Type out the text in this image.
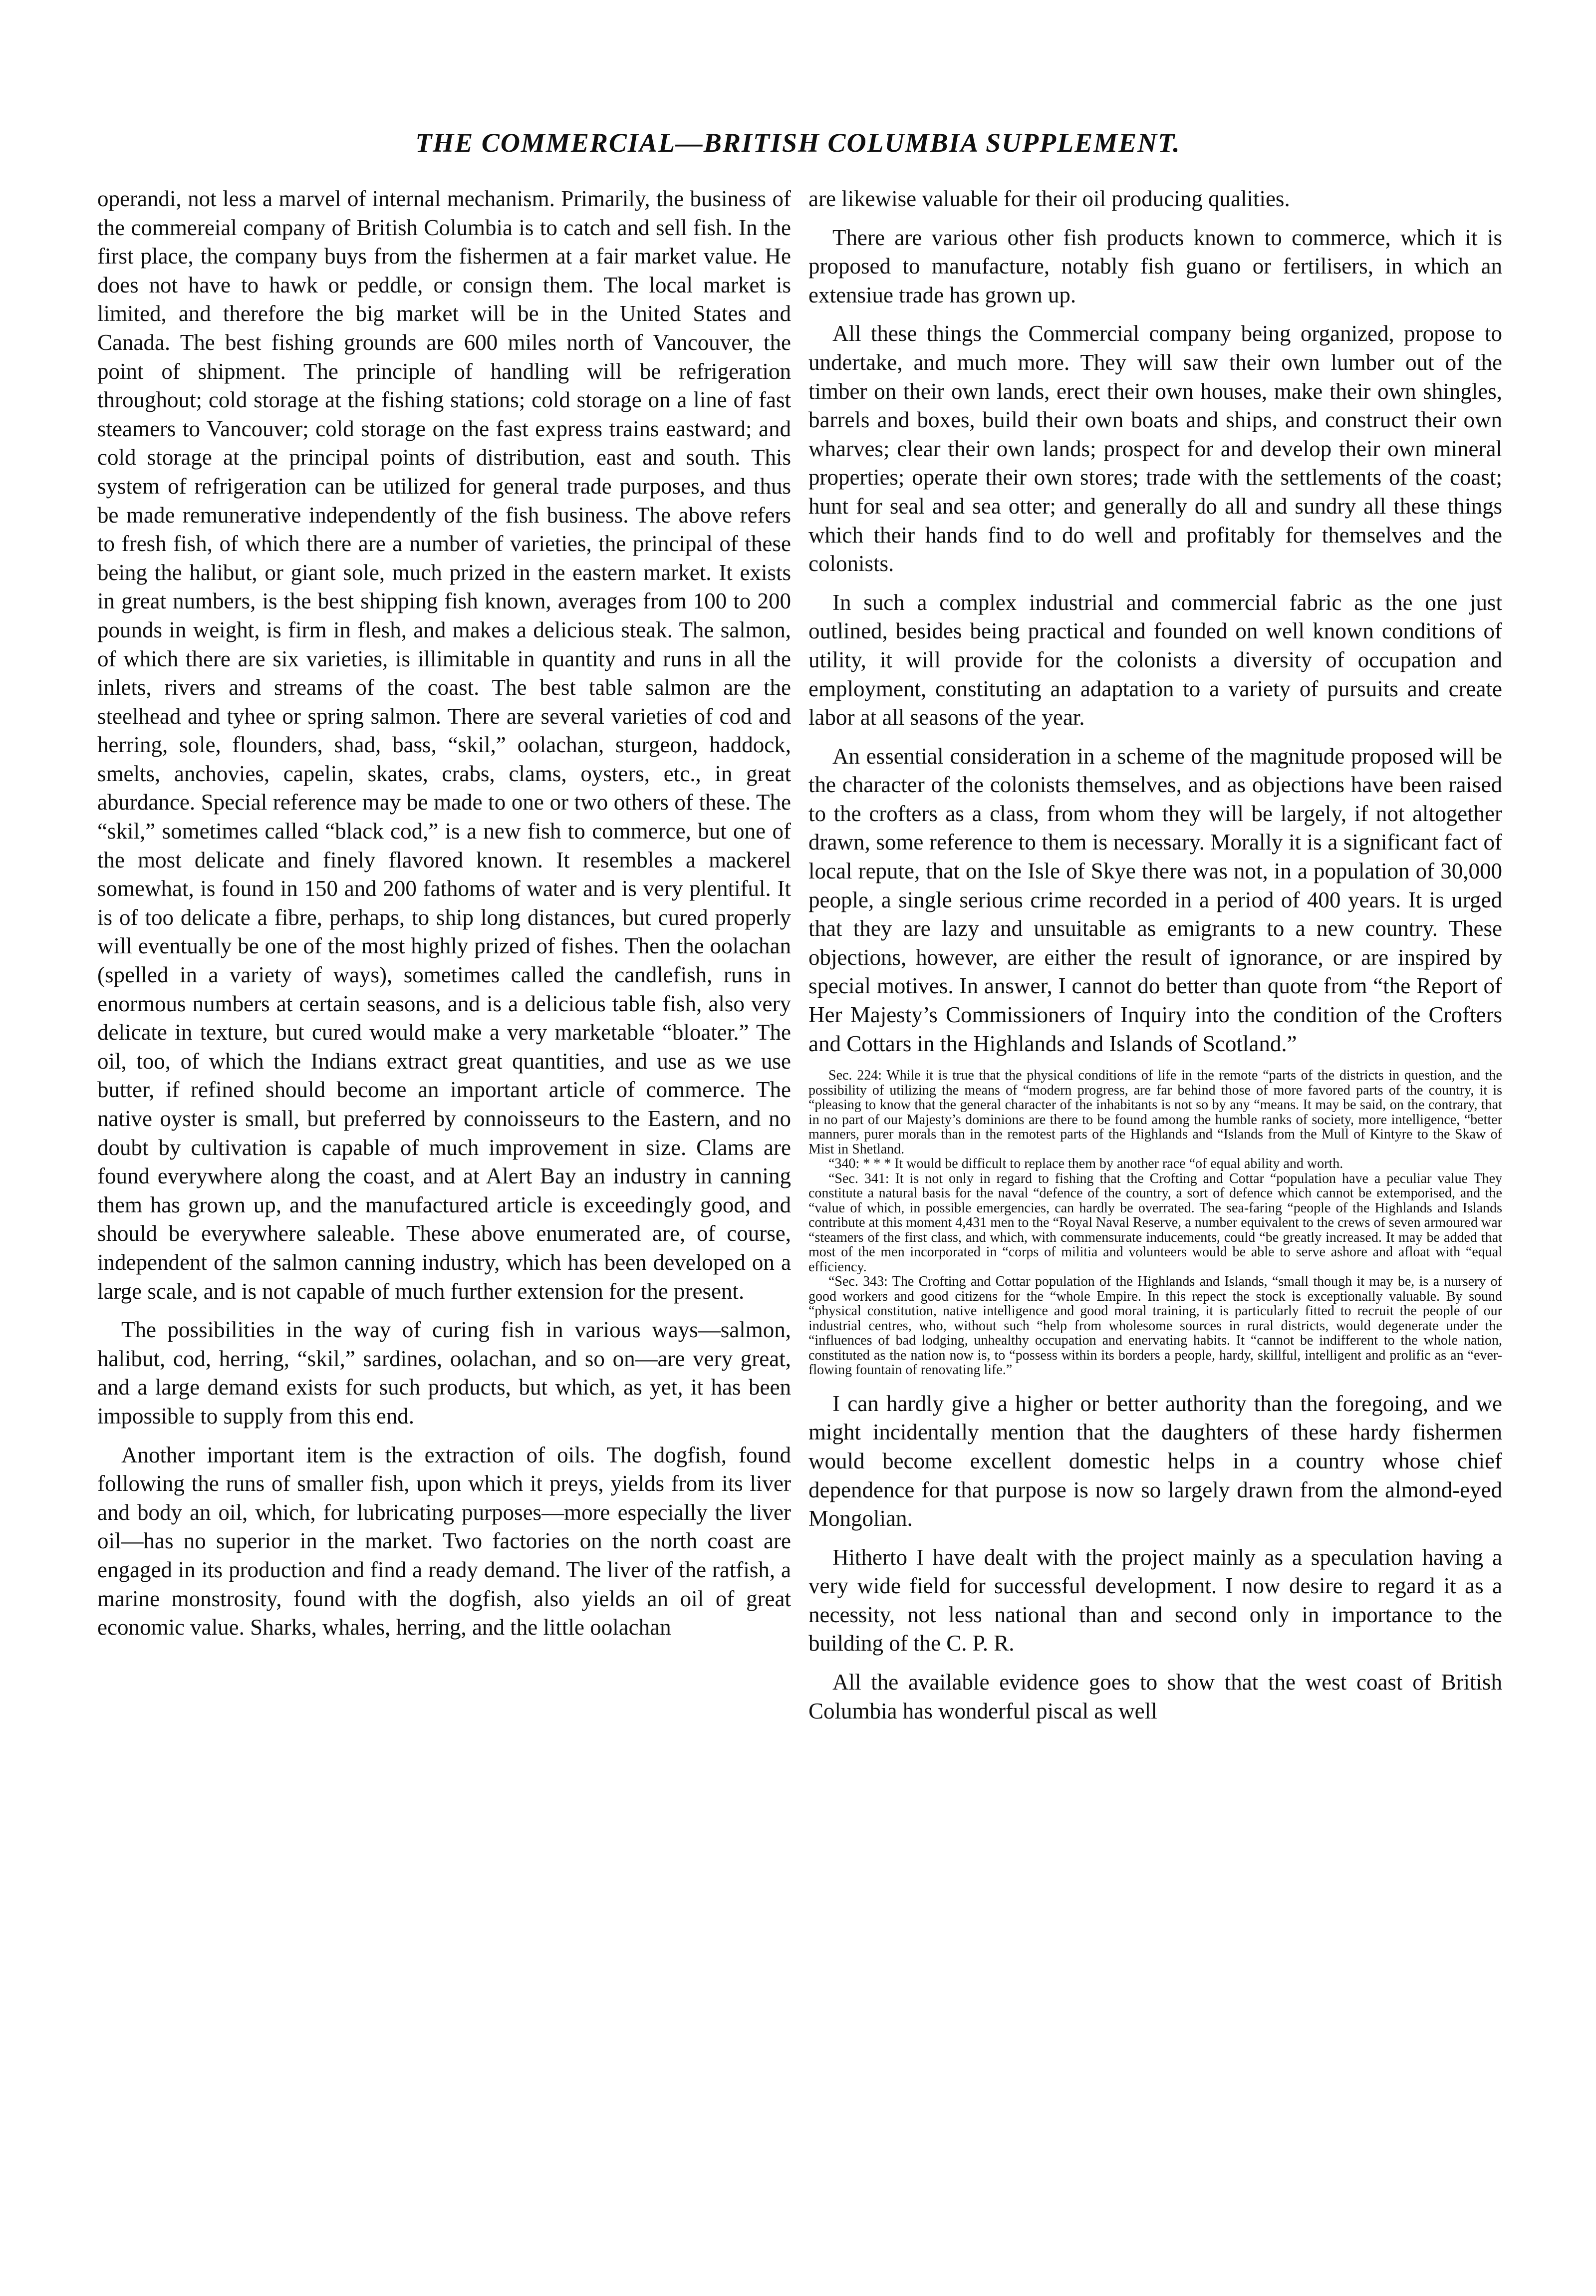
THE COMMERCIAL—BRITISH COLUMBIA SUPPLEMENT.

operandi, not less a marvel of internal mechanism. Primarily, the business of the commereial company of British Columbia is to catch and sell fish. In the first place, the company buys from the fishermen at a fair market value. He does not have to hawk or peddle, or consign them. The local market is limited, and therefore the big market will be in the United States and Canada. The best fishing grounds are 600 miles north of Vancouver, the point of shipment. The principle of handling will be refrigeration throughout; cold storage at the fishing stations; cold storage on a line of fast steamers to Vancouver; cold storage on the fast express trains eastward; and cold storage at the principal points of distribution, east and south. This system of refrigeration can be utilized for general trade purposes, and thus be made remunerative independently of the fish business. The above refers to fresh fish, of which there are a number of varieties, the principal of these being the halibut, or giant sole, much prized in the eastern market. It exists in great numbers, is the best shipping fish known, averages from 100 to 200 pounds in weight, is firm in flesh, and makes a delicious steak. The salmon, of which there are six varieties, is illimitable in quantity and runs in all the inlets, rivers and streams of the coast. The best table salmon are the steelhead and tyhee or spring salmon. There are several varieties of cod and herring, sole, flounders, shad, bass, “skil,” oolachan, sturgeon, haddock, smelts, anchovies, capelin, skates, crabs, clams, oysters, etc., in great aburdance. Special reference may be made to one or two others of these. The “skil,” sometimes called “black cod,” is a new fish to commerce, but one of the most delicate and finely flavored known. It resembles a mackerel somewhat, is found in 150 and 200 fathoms of water and is very plentiful. It is of too delicate a fibre, perhaps, to ship long distances, but cured properly will eventually be one of the most highly prized of fishes. Then the oolachan (spelled in a variety of ways), sometimes called the candlefish, runs in enormous numbers at certain seasons, and is a delicious table fish, also very delicate in texture, but cured would make a very marketable “bloater.” The oil, too, of which the Indians extract great quantities, and use as we use butter, if refined should become an important article of commerce. The native oyster is small, but preferred by connoisseurs to the Eastern, and no doubt by cultivation is capable of much improvement in size. Clams are found everywhere along the coast, and at Alert Bay an industry in canning them has grown up, and the manufactured article is exceedingly good, and should be everywhere saleable. These above enumerated are, of course, independent of the salmon canning industry, which has been developed on a large scale, and is not capable of much further extension for the present.

The possibilities in the way of curing fish in various ways—salmon, halibut, cod, herring, “skil,” sardines, oolachan, and so on—are very great, and a large demand exists for such products, but which, as yet, it has been impossible to supply from this end.

Another important item is the extraction of oils. The dogfish, found following the runs of smaller fish, upon which it preys, yields from its liver and body an oil, which, for lubricating purposes—more especially the liver oil—has no superior in the market. Two factories on the north coast are engaged in its production and find a ready demand. The liver of the ratfish, a marine monstrosity, found with the dogfish, also yields an oil of great economic value. Sharks, whales, herring, and the little oolachan

are likewise valuable for their oil producing qualities.

There are various other fish products known to commerce, which it is proposed to manufacture, notably fish guano or fertilisers, in which an extensiue trade has grown up.

All these things the Commercial company being organized, propose to undertake, and much more. They will saw their own lumber out of the timber on their own lands, erect their own houses, make their own shingles, barrels and boxes, build their own boats and ships, and construct their own wharves; clear their own lands; prospect for and develop their own mineral properties; operate their own stores; trade with the settlements of the coast; hunt for seal and sea otter; and generally do all and sundry all these things which their hands find to do well and profitably for themselves and the colonists.

In such a complex industrial and commercial fabric as the one just outlined, besides being practical and founded on well known conditions of utility, it will provide for the colonists a diversity of occupation and employment, constituting an adaptation to a variety of pursuits and create labor at all seasons of the year.

An essential consideration in a scheme of the magnitude proposed will be the character of the colonists themselves, and as objections have been raised to the crofters as a class, from whom they will be largely, if not altogether drawn, some reference to them is necessary. Morally it is a significant fact of local repute, that on the Isle of Skye there was not, in a population of 30,000 people, a single serious crime recorded in a period of 400 years. It is urged that they are lazy and unsuitable as emigrants to a new country. These objections, however, are either the result of ignorance, or are inspired by special motives. In answer, I cannot do better than quote from “the Report of Her Majesty’s Commissioners of Inquiry into the condition of the Crofters and Cottars in the Highlands and Islands of Scotland.”

Sec. 224: While it is true that the physical conditions of life in the remote “parts of the districts in question, and the possibility of utilizing the means of “modern progress, are far behind those of more favored parts of the country, it is “pleasing to know that the general character of the inhabitants is not so by any “means. It may be said, on the contrary, that in no part of our Majesty’s dominions are there to be found among the humble ranks of society, more intelligence, “better manners, purer morals than in the remotest parts of the Highlands and “Islands from the Mull of Kintyre to the Skaw of Mist in Shetland.

“340: * * * It would be difficult to replace them by another race “of equal ability and worth.

“Sec. 341: It is not only in regard to fishing that the Crofting and Cottar “population have a peculiar value They constitute a natural basis for the naval “defence of the country, a sort of defence which cannot be extemporised, and the “value of which, in possible emergencies, can hardly be overrated. The sea-faring “people of the Highlands and Islands contribute at this moment 4,431 men to the “Royal Naval Reserve, a number equivalent to the crews of seven armoured war “steamers of the first class, and which, with commensurate inducements, could “be greatly increased. It may be added that most of the men incorporated in “corps of militia and volunteers would be able to serve ashore and afloat with “equal efficiency.

“Sec. 343: The Crofting and Cottar population of the Highlands and Islands, “small though it may be, is a nursery of good workers and good citizens for the “whole Empire. In this repect the stock is exceptionally valuable. By sound “physical constitution, native intelligence and good moral training, it is particularly fitted to recruit the people of our industrial centres, who, without such “help from wholesome sources in rural districts, would degenerate under the “influences of bad lodging, unhealthy occupation and enervating habits. It “cannot be indifferent to the whole nation, constituted as the nation now is, to “possess within its borders a people, hardy, skillful, intelligent and prolific as an “ever-flowing fountain of renovating life.”

I can hardly give a higher or better authority than the foregoing, and we might incidentally mention that the daughters of these hardy fishermen would become excellent domestic helps in a country whose chief dependence for that purpose is now so largely drawn from the almond-eyed Mongolian.

Hitherto I have dealt with the project mainly as a speculation having a very wide field for successful development. I now desire to regard it as a necessity, not less national than and second only in importance to the building of the C. P. R.

All the available evidence goes to show that the west coast of British Columbia has wonderful piscal as well
